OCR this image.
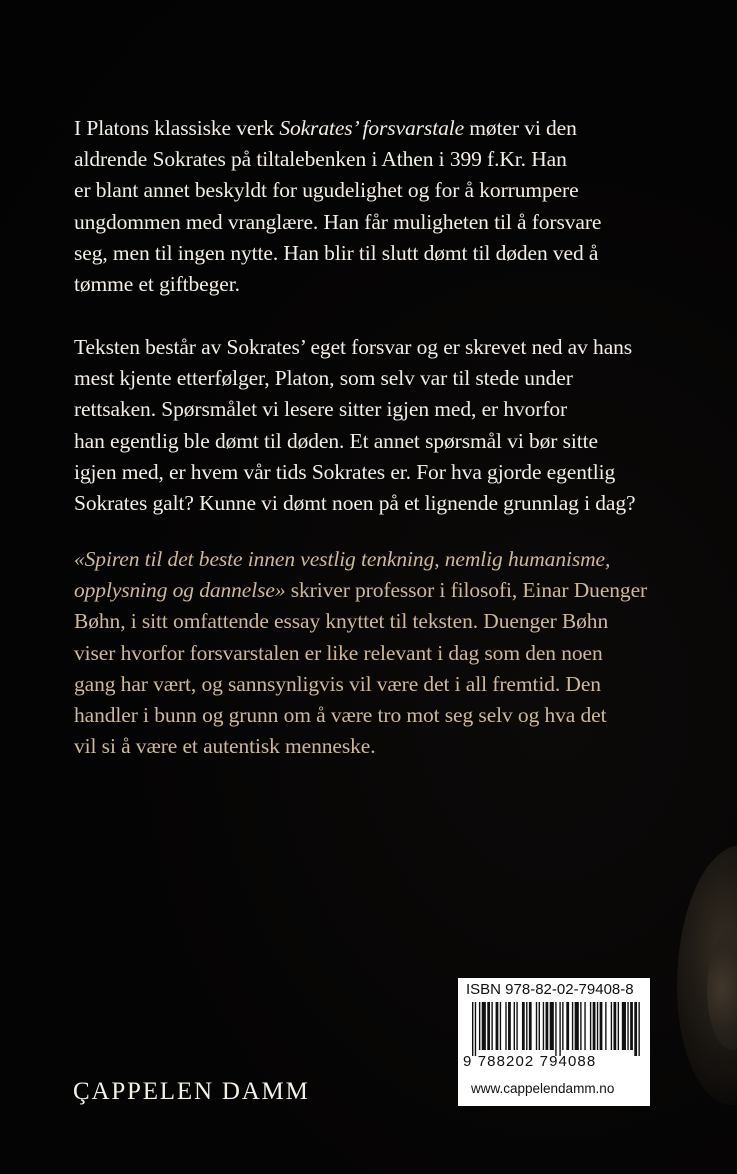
I Platons klassiske verk Sokrates’ forsvarstale møter vi den
aldrende Sokrates på tiltalebenken i Athen i 399 f.Kr. Han
er blant annet beskyldt for ugudelighet og for å korrumpere
ungdommen med vranglære. Han får muligheten til å forsvare
seg, men til ingen nytte. Han blir til slutt dømt til døden ved å
tømme et giftbeger.
Teksten består av Sokrates’ eget forsvar og er skrevet ned av hans
mest kjente etterfølger, Platon, som selv var til stede under
rettsaken. Spørsmålet vi lesere sitter igjen med, er hvorfor
han egentlig ble dømt til døden. Et annet spørsmål vi bør sitte
igjen med, er hvem vår tids Sokrates er. For hva gjorde egentlig
Sokrates galt? Kunne vi dømt noen på et lignende grunnlag i dag?
«Spiren til det beste innen vestlig tenkning, nemlig humanisme,
opplysning og dannelse» skriver professor i filosofi, Einar Duenger
Bøhn, i sitt omfattende essay knyttet til teksten. Duenger Bøhn
viser hvorfor forsvarstalen er like relevant i dag som den noen
gang har vært, og sannsynligvis vil være det i all fremtid. Den
handler i bunn og grunn om å være tro mot seg selv og hva det
vil si å være et autentisk menneske.
ÇAPPELEN DAMM
ISBN 978-82-02-79408-8
9 788202 794088
www.cappelendamm.no
